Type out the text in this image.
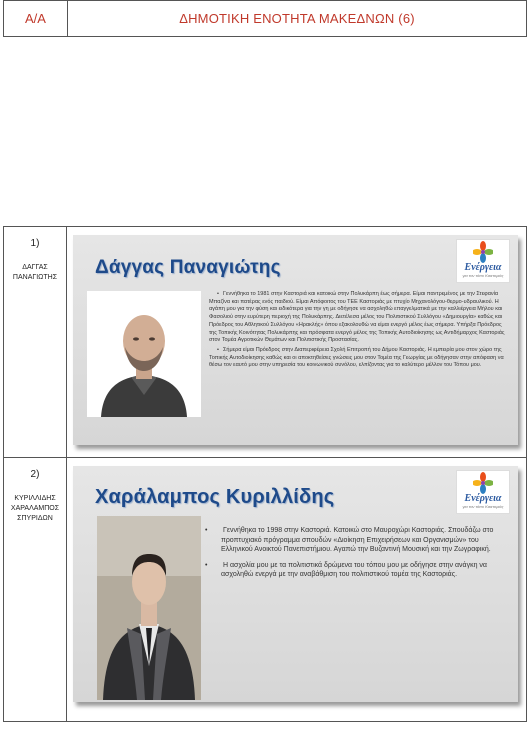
Α/Α	ΔΗΜΟΤΙΚΗ ΕΝΟΤΗΤΑ ΜΑΚΕΔΝΩΝ (6)
1)
ΔΑΓΓΑΣ
ΠΑΝΑΓΙΩΤΗΣ	Δάγγας Παναγιώτης	Ενέργεια
για τον τόπο Καστοριάς

• Γεννήθηκα το 1981 στην Καστοριά και κατοικώ στην Πολυκάρπη έως σήμερα. Είμαι παντρεμένος με την Στεφανία Μπαζίνα και πατέρας ενός παιδιού. Είμαι Απόφοιτος του ΤΕΕ Καστοριάς με πτυχίο Μηχανολόγου-θερμο-υδραυλικού. Η αγάπη μου για την φύση και ειδικότερα για την γη με οδήγησε να ασχοληθώ επαγγελματικά με την καλλιέργεια Μήλου και Φασολιού στην ευρύτερη περιοχή της Πολυκάρπης. Διετέλεσα μέλος του Πολιτιστικού Συλλόγου «Δημιουργία» καθώς και Πρόεδρος του Αθλητικού Συλλόγου «Ηρακλής» όπου εξακολουθώ να είμαι ενεργό μέλος έως σήμερα. Υπήρξα Πρόεδρος της Τοπικής Κοινότητας Πολυκάρπης και πρόσφατα ενεργό μέλος της Τοπικής Αυτοδιοίκησης ως Αντιδήμαρχος Καστοριάς στον Τομέα Αγροτικών Θεμάτων και Πολιτιστικής Προστασίας.

• Σήμερα είμαι Πρόεδρος στην Διαπεριφέρεια Σχολή Επιτροπή του Δήμου Καστοριάς. Η εμπειρία μου στον χώρο της Τοπικής Αυτοδιοίκησης καθώς και οι αποκτηθείσες γνώσεις μου στον Τομέα της Γεωργίας με οδήγησαν στην απόφαση να θέσω τον εαυτό μου στην υπηρεσία του κοινωνικού συνόλου, ελπίζοντας για το καλύτερο μέλλον του Τόπου μου.

2)
ΚΥΡΙΛΛΙΔΗΣ
ΧΑΡΑΛΑΜΠΟΣ
ΣΠΥΡΙΔΩΝ
Χαράλαμπος Κυριλλίδης	Ενέργεια
για τον τόπο Καστοριάς

• Γεννήθηκα το 1998 στην Καστοριά. Κατοικώ στο Μαυροχώρι Καστοριάς. Σπουδάζω στο προπτυχιακό πρόγραμμα σπουδών «Διοίκηση Επιχειρήσεων και Οργανισμών» του Ελληνικού Ανοικτού Πανεπιστήμιου. Αγαπώ την Βυζαντινή Μουσική και την Ζωγραφική.

• Η ασχολία μου με τα πολιτιστικά δρώμενα του τόπου μου με οδήγησε στην ανάγκη να ασχοληθώ ενεργά με την αναβάθμιση του πολιτιστικού τομέα της Καστοριάς.
